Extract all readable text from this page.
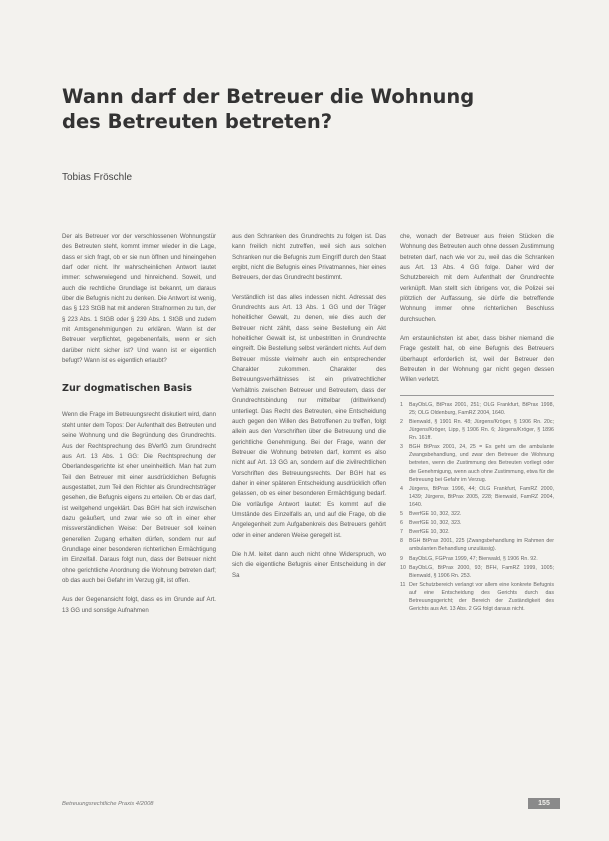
Wann darf der Betreuer die Wohnung des Betreuten betreten?
Tobias Fröschle

Der als Betreuer vor der verschlossenen Wohnungstür des Betreuten steht, kommt immer wieder in die Lage, dass er sich fragt, ob er sie nun öffnen und hineingehen darf oder nicht. Ihr wahrscheinlichen Antwort lautet immer: schwerwiegend und hinreichend. Soweit, und auch die rechtliche Grundlage ist bekannt, um daraus über die Befugnis nicht zu denken. Die Antwort ist wenig, das § 123 StGB hat mit anderen Strafnormen zu tun, der § 223 Abs. 1 StGB oder § 239 Abs. 1 StGB und zudem mit Amtsgenehmigungen zu erklären. Wann ist der Betreuer verpflichtet, gegebenenfalls, wenn er sich darüber nicht sicher ist? Und wann ist er eigentlich befugt? Wann ist es eigentlich erlaubt?

Zur dogmatischen Basis

Wenn die Frage im Betreuungsrecht diskutiert wird, dann steht unter dem Topos: Der Aufenthalt des Betreuten und seine Wohnung und die Begründung des Grundrechts. Aus der Rechtsprechung des BVerfG zum Grundrecht aus Art. 13 Abs. 1 GG: Die Rechtsprechung der Oberlandesgerichte ist eher uneinheitlich. Man hat zum Teil den Betreuer mit einer ausdrücklichen Befugnis ausgestattet, zum Teil den Richter als Grundrechtsträger gesehen, die Befugnis eigens zu erteilen. Ob er das darf, ist weitgehend ungeklärt. Das BGH hat sich inzwischen dazu geäußert, und zwar wie so oft in einer eher missverständlichen Weise: Der Betreuer soll keinen generellen Zugang erhalten dürfen, sondern nur auf Grundlage einer besonderen richterlichen Ermächtigung im Einzelfall. Daraus folgt nun, dass der Betreuer nicht ohne gerichtliche Anordnung die Wohnung betreten darf; ob das auch bei Gefahr im Verzug gilt, ist offen.

Aus der Gegenansicht folgt, dass es im Grunde auf Art. 13 GG und sonstige Aufnahmen

aus den Schranken des Grundrechts zu folgen ist. Das kann freilich nicht zutreffen, weil sich aus solchen Schranken nur die Befugnis zum Eingriff durch den Staat ergibt, nicht die Befugnis eines Privatmannes, hier eines Betreuers, der das Grundrecht bestimmt.

Verständlich ist das alles indessen nicht. Adressat des Grundrechts aus Art. 13 Abs. 1 GG und der Träger hoheitlicher Gewalt, zu denen, wie dies auch der Betreuer nicht zählt, dass seine Bestellung ein Akt hoheitlicher Gewalt ist, ist unbestritten in Grundrechte eingreift. Die Bestellung selbst verändert nichts. Auf dem Betreuer müsste vielmehr auch ein entsprechender Charakter zukommen. Charakter des Betreuungsverhältnisses ist ein privatrechtlicher Verhältnis zwischen Betreuer und Betreutem, dass der Grundrechtsbindung nur mittelbar (drittwirkend) unterliegt. Das Recht des Betreuten, eine Entscheidung auch gegen den Willen des Betroffenen zu treffen, folgt allein aus den Vorschriften über die Betreuung und die gerichtliche Genehmigung. Bei der Frage, wann der Betreuer die Wohnung betreten darf, kommt es also nicht auf Art. 13 GG an, sondern auf die zivilrechtlichen Vorschriften des Betreuungsrechts. Der BGH hat es daher in einer späteren Entscheidung ausdrücklich offen gelassen, ob es einer besonderen Ermächtigung bedarf. Die vorläufige Antwort lautet: Es kommt auf die Umstände des Einzelfalls an, und auf die Frage, ob die Angelegenheit zum Aufgabenkreis des Betreuers gehört oder in einer anderen Weise geregelt ist.

Die h.M. leitet dann auch nicht ohne Widerspruch, wo sich die eigentliche Befugnis einer Entscheidung in der Sa

che, wonach der Betreuer aus freien Stücken die Wohnung des Betreuten auch ohne dessen Zustimmung betreten darf, nach wie vor zu, weil das die Schranken aus Art. 13 Abs. 4 GG folge. Daher wird der Schutzbereich mit dem Aufenthalt der Grundrechte verknüpft. Man stellt sich übrigens vor, die Polizei sei plötzlich der Auffassung, sie dürfe die betreffende Wohnung immer ohne richterlichen Beschluss durchsuchen.

Am erstaunlichsten ist aber, dass bisher niemand die Frage gestellt hat, ob eine Befugnis des Betreuers überhaupt erforderlich ist, weil der Betreuer den Betreuten in der Wohnung gar nicht gegen dessen Willen verletzt.

1	BayObLG, BtPrax 2001, 251; OLG Frankfurt, BtPrax 1998, 25; OLG Oldenburg, FamRZ 2004, 1640.
2	Bienwald, § 1901 Rn. 48; Jürgens/Kröger, § 1906 Rn. 20c; Jürgens/Kröger, Lipp, § 1906 Rn. 6; Jürgens/Kröger, § 1896 Rn. 161ff.
3	BGH BtPrax 2001, 24, 25 = Es geht um die ambulante Zwangsbehandlung, und zwar den Betreuer die Wohnung betreten, wenn die Zustimmung des Betreuten vorliegt oder die Genehmigung, wenn auch ohne Zustimmung, etwa für die Betreuung bei Gefahr im Verzug.
4	Jürgens, BtPrax 1996, 44; OLG Frankfurt, FamRZ 2000, 1439; Jürgens, BtPrax 2005, 228; Bienwald, FamRZ 2004, 1640.
5	BverfGE 10, 302, 322.
6	BverfGE 10, 302, 323.
7	BverfGE 10, 302.
8	BGH BtPrax 2001, 225 (Zwangsbehandlung im Rahmen der ambulanten Behandlung unzulässig).
9	BayObLG, FGPrax 1999, 47; Bienwald, § 1906 Rn. 92.
10 BayObLG, BtPrax 2000, 93; BFH, FamRZ 1999, 1005; Bienwald, § 1906 Rn. 253.
11 Der Schutzbereich verlangt vor allem eine konkrete Befugnis auf eine Entscheidung des Gerichts durch das Betreuungsgericht; der Bereich der Zuständigkeit des Gerichts aus Art. 13 Abs. 2 GG folgt daraus nicht.
Betreuungsrechtliche Praxis 4/2008	155
